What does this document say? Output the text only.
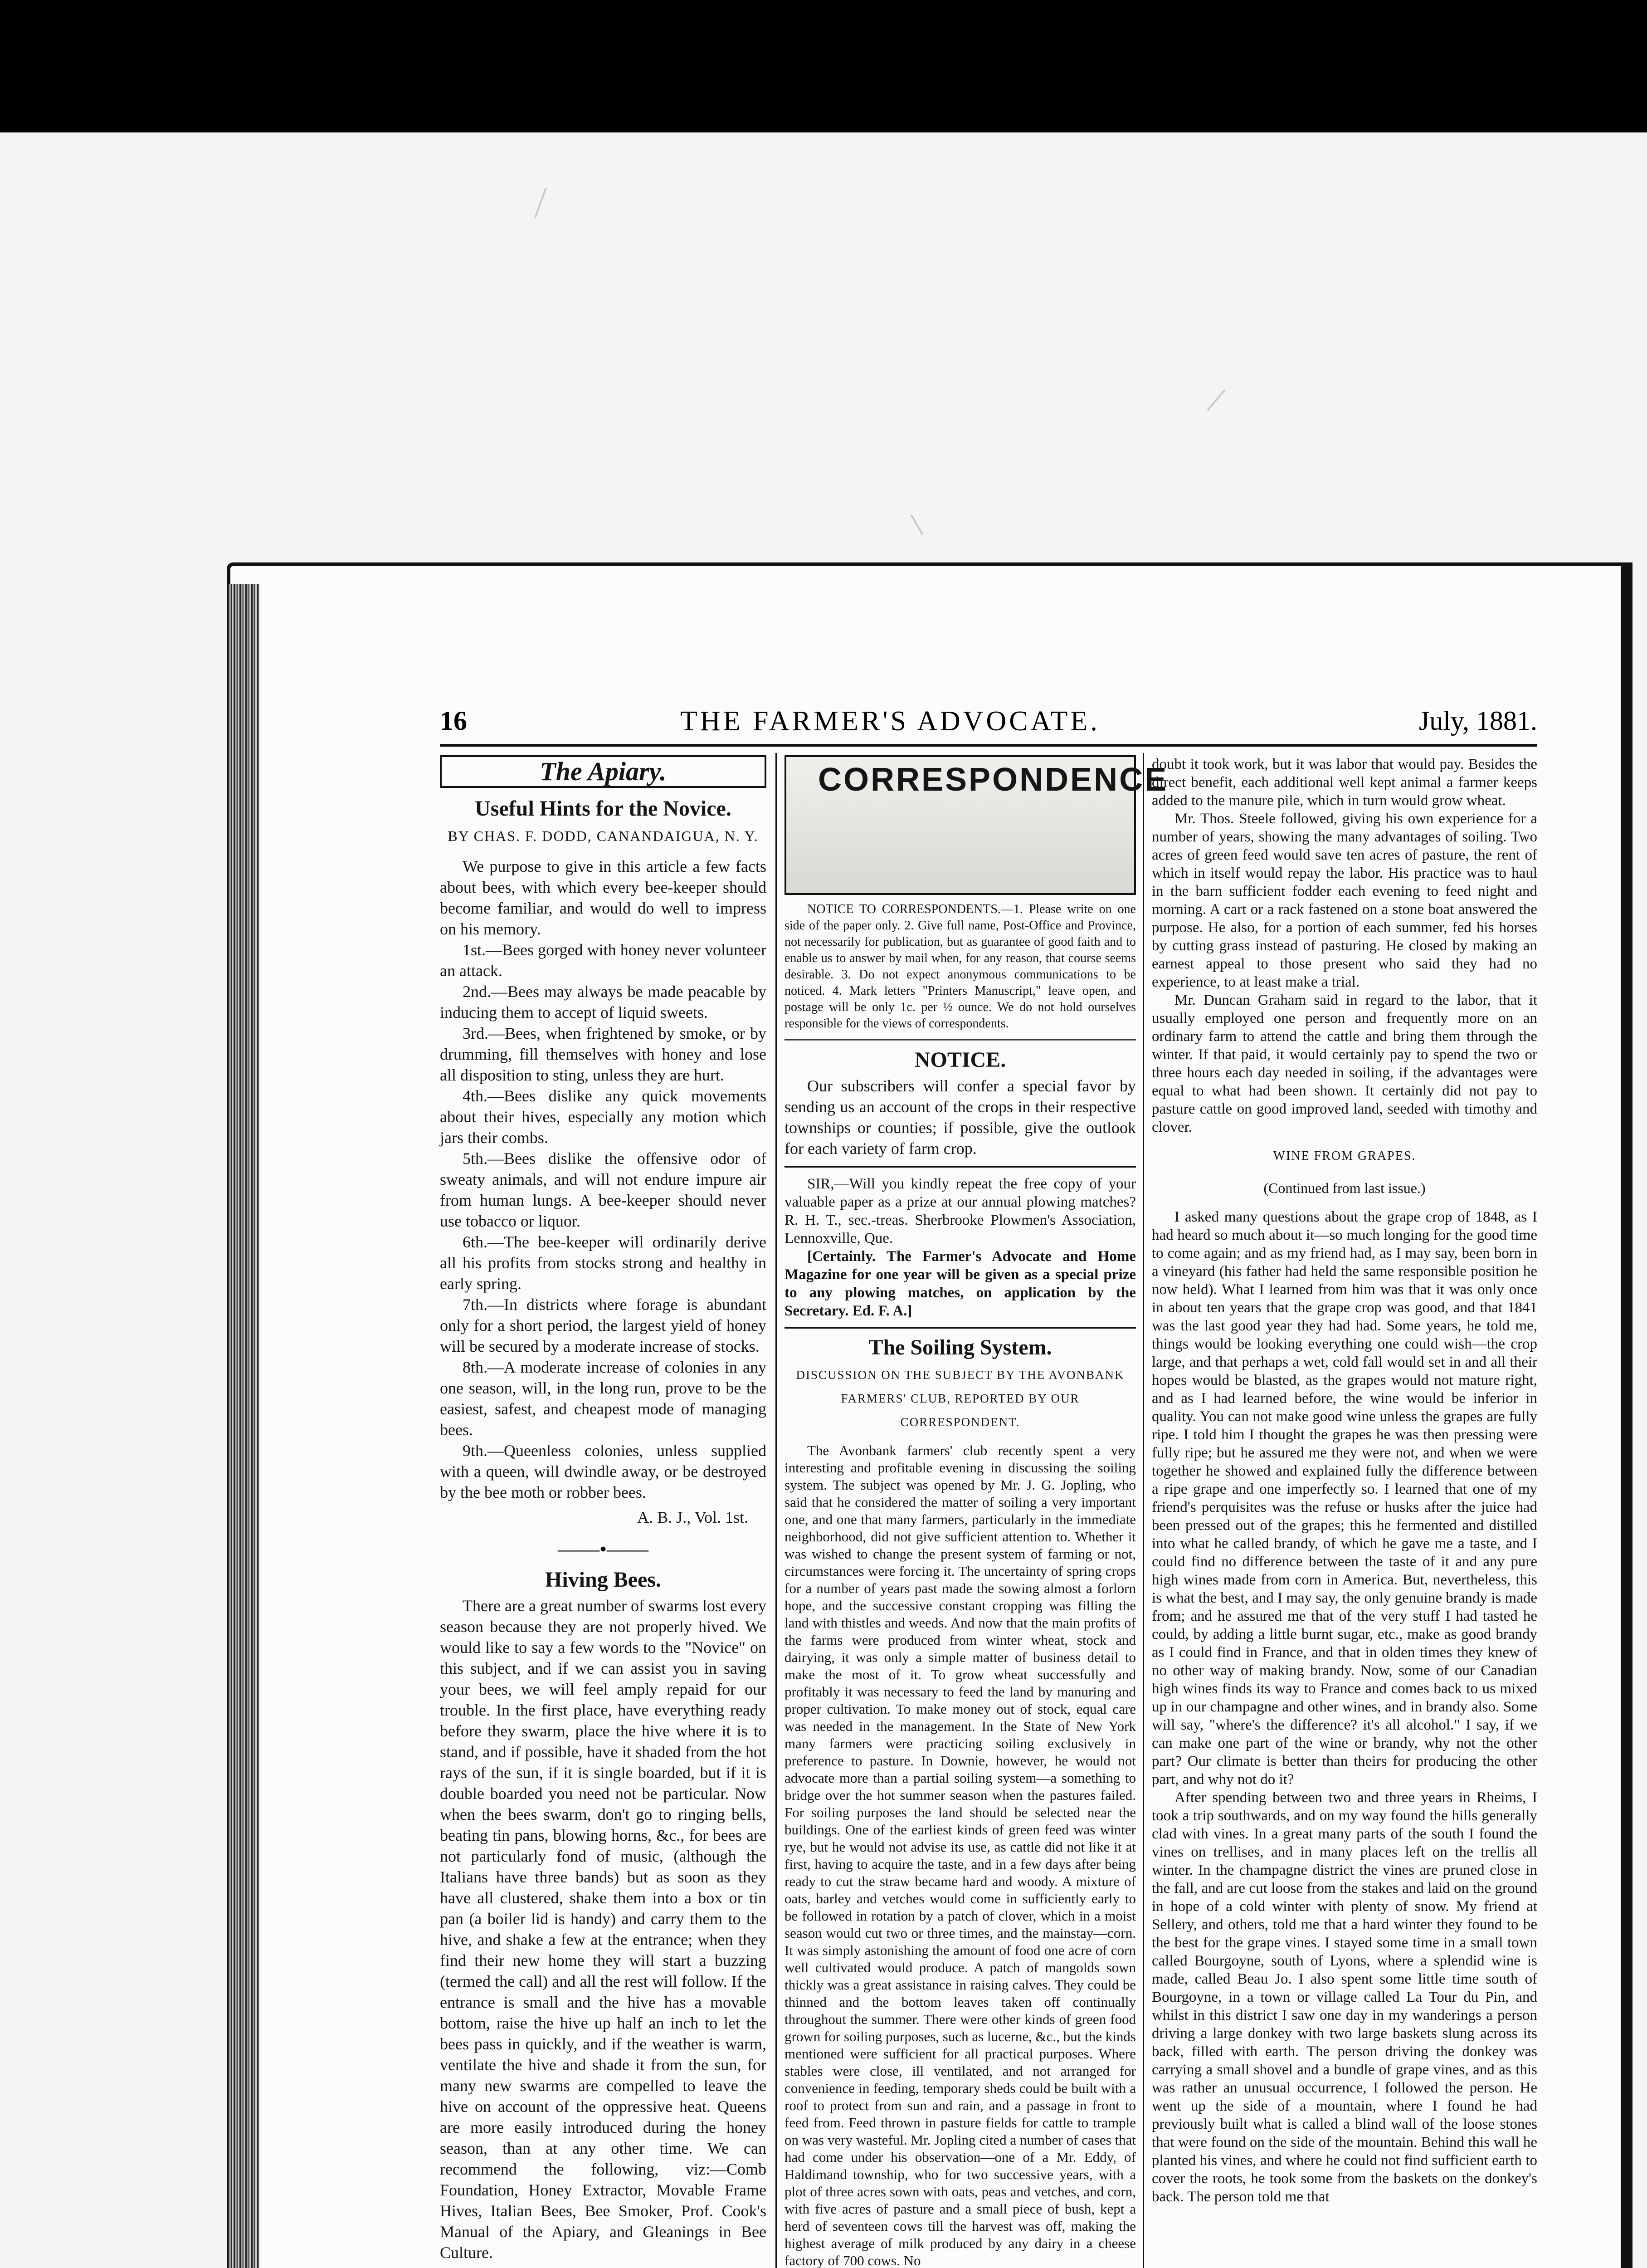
16	THE FARMER'S ADVOCATE.	July, 1881.
The Apiary.
Useful Hints for the Novice.
BY CHAS. F. DODD, CANANDAIGUA, N. Y.

We purpose to give in this article a few facts about bees, with which every bee-keeper should become familiar, and would do well to impress on his memory.

1st.—Bees gorged with honey never volunteer an attack.

2nd.—Bees may always be made peacable by inducing them to accept of liquid sweets.

3rd.—Bees, when frightened by smoke, or by drumming, fill themselves with honey and lose all disposition to sting, unless they are hurt.

4th.—Bees dislike any quick movements about their hives, especially any motion which jars their combs.

5th.—Bees dislike the offensive odor of sweaty animals, and will not endure impure air from human lungs. A bee-keeper should never use tobacco or liquor.

6th.—The bee-keeper will ordinarily derive all his profits from stocks strong and healthy in early spring.

7th.—In districts where forage is abundant only for a short period, the largest yield of honey will be secured by a moderate increase of stocks.

8th.—A moderate increase of colonies in any one season, will, in the long run, prove to be the easiest, safest, and cheapest mode of managing bees.

9th.—Queenless colonies, unless supplied with a queen, will dwindle away, or be destroyed by the bee moth or robber bees.

A. B. J., Vol. 1st.
——•——
Hiving Bees.

There are a great number of swarms lost every season because they are not properly hived. We would like to say a few words to the "Novice" on this subject, and if we can assist you in saving your bees, we will feel amply repaid for our trouble. In the first place, have everything ready before they swarm, place the hive where it is to stand, and if possible, have it shaded from the hot rays of the sun, if it is single boarded, but if it is double boarded you need not be particular. Now when the bees swarm, don't go to ringing bells, beating tin pans, blowing horns, &c., for bees are not particularly fond of music, (although the Italians have three bands) but as soon as they have all clustered, shake them into a box or tin pan (a boiler lid is handy) and carry them to the hive, and shake a few at the entrance; when they find their new home they will start a buzzing (termed the call) and all the rest will follow. If the entrance is small and the hive has a movable bottom, raise the hive up half an inch to let the bees pass in quickly, and if the weather is warm, ventilate the hive and shade it from the sun, for many new swarms are compelled to leave the hive on account of the oppressive heat. Queens are more easily introduced during the honey season, than at any other time. We can recommend the following, viz:—Comb Foundation, Honey Extractor, Movable Frame Hives, Italian Bees, Bee Smoker, Prof. Cook's Manual of the Apiary, and Gleanings in Bee Culture.

CORRESPONDENCE

NOTICE TO CORRESPONDENTS.—1. Please write on one side of the paper only. 2. Give full name, Post-Office and Province, not necessarily for publication, but as guarantee of good faith and to enable us to answer by mail when, for any reason, that course seems desirable. 3. Do not expect anonymous communications to be noticed. 4. Mark letters "Printers Manuscript," leave open, and postage will be only 1c. per ½ ounce. We do not hold ourselves responsible for the views of correspondents.

NOTICE.

Our subscribers will confer a special favor by sending us an account of the crops in their respective townships or counties; if possible, give the outlook for each variety of farm crop.

SIR,—Will you kindly repeat the free copy of your valuable paper as a prize at our annual plowing matches? R. H. T., sec.-treas. Sherbrooke Plowmen's Association, Lennoxville, Que.

[Certainly. The Farmer's Advocate and Home Magazine for one year will be given as a special prize to any plowing matches, on application by the Secretary. Ed. F. A.]

The Soiling System.
DISCUSSION ON THE SUBJECT BY THE AVONBANK FARMERS' CLUB, REPORTED BY OUR CORRESPONDENT.

The Avonbank farmers' club recently spent a very interesting and profitable evening in discussing the soiling system. The subject was opened by Mr. J. G. Jopling, who said that he considered the matter of soiling a very important one, and one that many farmers, particularly in the immediate neighborhood, did not give sufficient attention to. Whether it was wished to change the present system of farming or not, circumstances were forcing it. The uncertainty of spring crops for a number of years past made the sowing almost a forlorn hope, and the successive constant cropping was filling the land with thistles and weeds. And now that the main profits of the farms were produced from winter wheat, stock and dairying, it was only a simple matter of business detail to make the most of it. To grow wheat successfully and profitably it was necessary to feed the land by manuring and proper cultivation. To make money out of stock, equal care was needed in the management. In the State of New York many farmers were practicing soiling exclusively in preference to pasture. In Downie, however, he would not advocate more than a partial soiling system—a something to bridge over the hot summer season when the pastures failed. For soiling purposes the land should be selected near the buildings. One of the earliest kinds of green feed was winter rye, but he would not advise its use, as cattle did not like it at first, having to acquire the taste, and in a few days after being ready to cut the straw became hard and woody. A mixture of oats, barley and vetches would come in sufficiently early to be followed in rotation by a patch of clover, which in a moist season would cut two or three times, and the mainstay—corn. It was simply astonishing the amount of food one acre of corn well cultivated would produce. A patch of mangolds sown thickly was a great assistance in raising calves. They could be thinned and the bottom leaves taken off continually throughout the summer. There were other kinds of green food grown for soiling purposes, such as lucerne, &c., but the kinds mentioned were sufficient for all practical purposes. Where stables were close, ill ventilated, and not arranged for convenience in feeding, temporary sheds could be built with a roof to protect from sun and rain, and a passage in front to feed from. Feed thrown in pasture fields for cattle to trample on was very wasteful. Mr. Jopling cited a number of cases that had come under his observation—one of a Mr. Eddy, of Haldimand township, who for two successive years, with a plot of three acres sown with oats, peas and vetches, and corn, with five acres of pasture and a small piece of bush, kept a herd of seventeen cows till the harvest was off, making the highest average of milk produced by any dairy in a cheese factory of 700 cows. No

doubt it took work, but it was labor that would pay. Besides the direct benefit, each additional well kept animal a farmer keeps added to the manure pile, which in turn would grow wheat.

Mr. Thos. Steele followed, giving his own experience for a number of years, showing the many advantages of soiling. Two acres of green feed would save ten acres of pasture, the rent of which in itself would repay the labor. His practice was to haul in the barn sufficient fodder each evening to feed night and morning. A cart or a rack fastened on a stone boat answered the purpose. He also, for a portion of each summer, fed his horses by cutting grass instead of pasturing. He closed by making an earnest appeal to those present who said they had no experience, to at least make a trial.

Mr. Duncan Graham said in regard to the labor, that it usually employed one person and frequently more on an ordinary farm to attend the cattle and bring them through the winter. If that paid, it would certainly pay to spend the two or three hours each day needed in soiling, if the advantages were equal to what had been shown. It certainly did not pay to pasture cattle on good improved land, seeded with timothy and clover.

WINE FROM GRAPES.
(Continued from last issue.)

I asked many questions about the grape crop of 1848, as I had heard so much about it—so much longing for the good time to come again; and as my friend had, as I may say, been born in a vineyard (his father had held the same responsible position he now held). What I learned from him was that it was only once in about ten years that the grape crop was good, and that 1841 was the last good year they had had. Some years, he told me, things would be looking everything one could wish—the crop large, and that perhaps a wet, cold fall would set in and all their hopes would be blasted, as the grapes would not mature right, and as I had learned before, the wine would be inferior in quality. You can not make good wine unless the grapes are fully ripe. I told him I thought the grapes he was then pressing were fully ripe; but he assured me they were not, and when we were together he showed and explained fully the difference between a ripe grape and one imperfectly so. I learned that one of my friend's perquisites was the refuse or husks after the juice had been pressed out of the grapes; this he fermented and distilled into what he called brandy, of which he gave me a taste, and I could find no difference between the taste of it and any pure high wines made from corn in America. But, nevertheless, this is what the best, and I may say, the only genuine brandy is made from; and he assured me that of the very stuff I had tasted he could, by adding a little burnt sugar, etc., make as good brandy as I could find in France, and that in olden times they knew of no other way of making brandy. Now, some of our Canadian high wines finds its way to France and comes back to us mixed up in our champagne and other wines, and in brandy also. Some will say, "where's the difference? it's all alcohol." I say, if we can make one part of the wine or brandy, why not the other part? Our climate is better than theirs for producing the other part, and why not do it?

After spending between two and three years in Rheims, I took a trip southwards, and on my way found the hills generally clad with vines. In a great many parts of the south I found the vines on trellises, and in many places left on the trellis all winter. In the champagne district the vines are pruned close in the fall, and are cut loose from the stakes and laid on the ground in hope of a cold winter with plenty of snow. My friend at Sellery, and others, told me that a hard winter they found to be the best for the grape vines. I stayed some time in a small town called Bourgoyne, south of Lyons, where a splendid wine is made, called Beau Jo. I also spent some little time south of Bourgoyne, in a town or village called La Tour du Pin, and whilst in this district I saw one day in my wanderings a person driving a large donkey with two large baskets slung across its back, filled with earth. The person driving the donkey was carrying a small shovel and a bundle of grape vines, and as this was rather an unusual occurrence, I followed the person. He went up the side of a mountain, where I found he had previously built what is called a blind wall of the loose stones that were found on the side of the mountain. Behind this wall he planted his vines, and where he could not find sufficient earth to cover the roots, he took some from the baskets on the donkey's back. The person told me that
